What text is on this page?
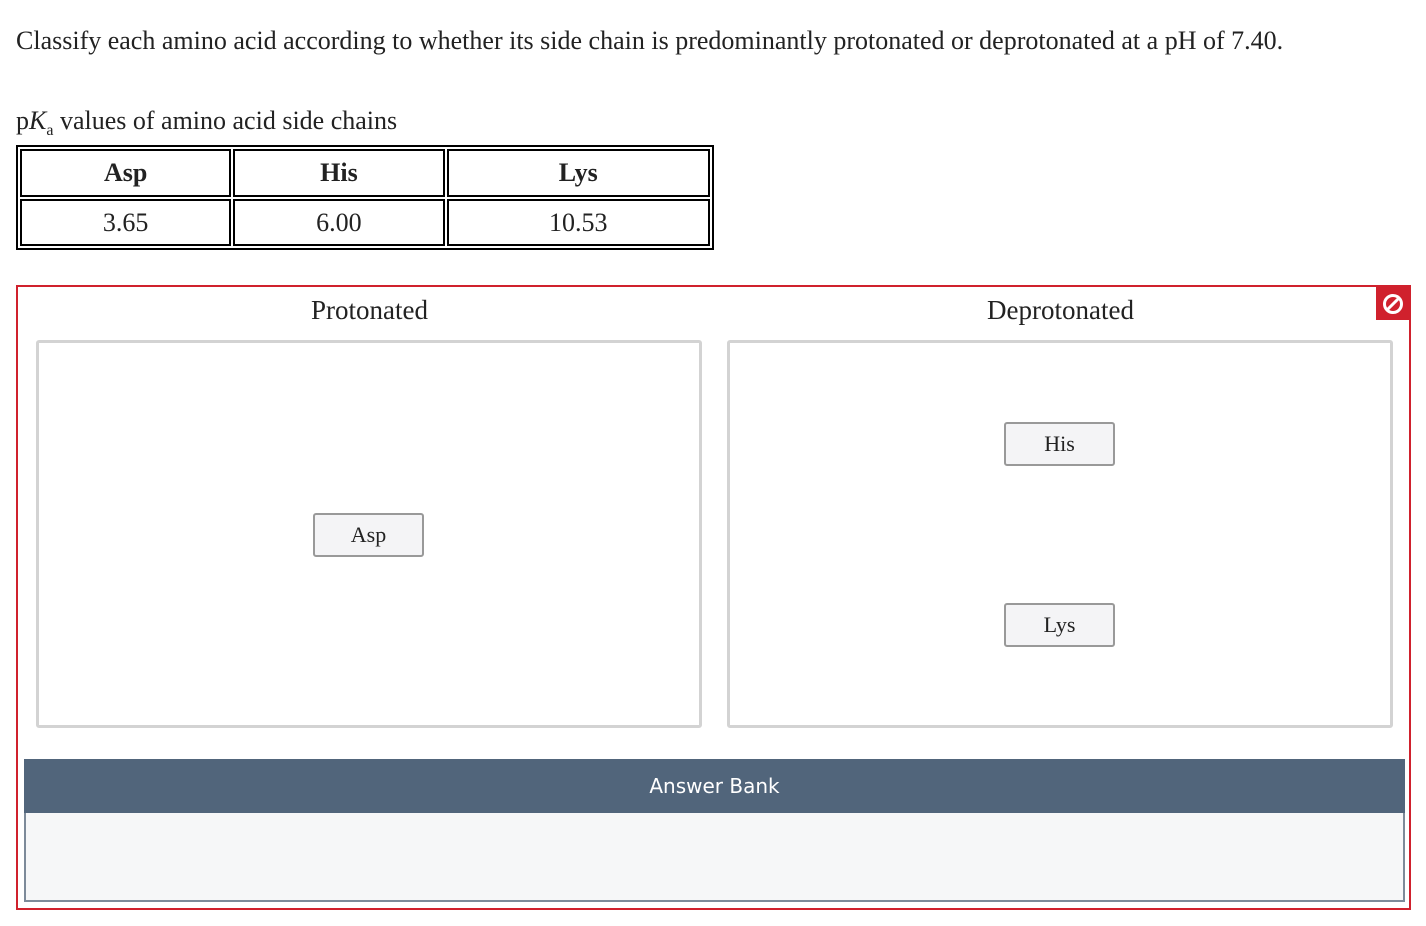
Classify each amino acid according to whether its side chain is predominantly protonated or deprotonated at a pH of 7.40.
$pK_a$ values of amino acid side chains
Asp	His	Lys
3.65	6.00	10.53
Protonated	Deprotonated
Asp
His
Lys
Answer Bank
